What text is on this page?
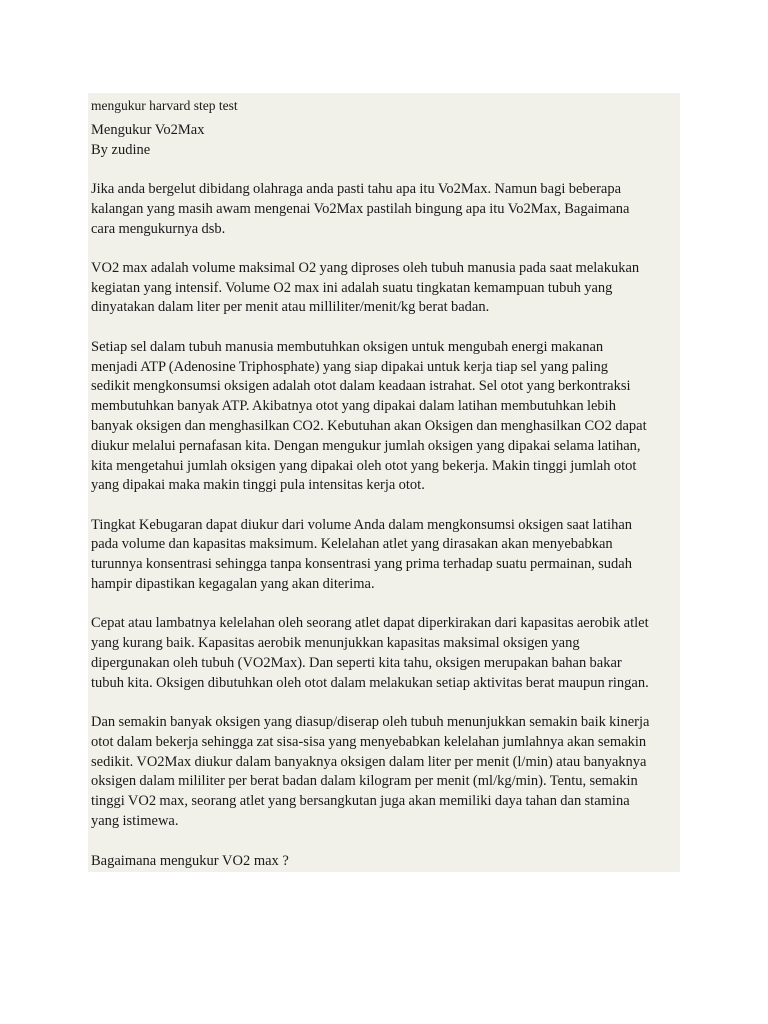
mengukur harvard step test
Mengukur Vo2Max
By zudine
Jika anda bergelut dibidang olahraga anda pasti tahu apa itu Vo2Max. Namun bagi beberapa
kalangan yang masih awam mengenai Vo2Max pastilah bingung apa itu Vo2Max, Bagaimana
cara mengukurnya dsb.
VO2 max adalah volume maksimal O2 yang diproses oleh tubuh manusia pada saat melakukan
kegiatan yang intensif. Volume O2 max ini adalah suatu tingkatan kemampuan tubuh yang
dinyatakan dalam liter per menit atau milliliter/menit/kg berat badan.
Setiap sel dalam tubuh manusia membutuhkan oksigen untuk mengubah energi makanan
menjadi ATP (Adenosine Triphosphate) yang siap dipakai untuk kerja tiap sel yang paling
sedikit mengkonsumsi oksigen adalah otot dalam keadaan istrahat. Sel otot yang berkontraksi
membutuhkan banyak ATP. Akibatnya otot yang dipakai dalam latihan membutuhkan lebih
banyak oksigen dan menghasilkan CO2. Kebutuhan akan Oksigen dan menghasilkan CO2 dapat
diukur melalui pernafasan kita. Dengan mengukur jumlah oksigen yang dipakai selama latihan,
kita mengetahui jumlah oksigen yang dipakai oleh otot yang bekerja. Makin tinggi jumlah otot
yang dipakai maka makin tinggi pula intensitas kerja otot.
Tingkat Kebugaran dapat diukur dari volume Anda dalam mengkonsumsi oksigen saat latihan
pada volume dan kapasitas maksimum. Kelelahan atlet yang dirasakan akan menyebabkan
turunnya konsentrasi sehingga tanpa konsentrasi yang prima terhadap suatu permainan, sudah
hampir dipastikan kegagalan yang akan diterima.
Cepat atau lambatnya kelelahan oleh seorang atlet dapat diperkirakan dari kapasitas aerobik atlet
yang kurang baik. Kapasitas aerobik menunjukkan kapasitas maksimal oksigen yang
dipergunakan oleh tubuh (VO2Max). Dan seperti kita tahu, oksigen merupakan bahan bakar
tubuh kita. Oksigen dibutuhkan oleh otot dalam melakukan setiap aktivitas berat maupun ringan.
Dan semakin banyak oksigen yang diasup/diserap oleh tubuh menunjukkan semakin baik kinerja
otot dalam bekerja sehingga zat sisa-sisa yang menyebabkan kelelahan jumlahnya akan semakin
sedikit. VO2Max diukur dalam banyaknya oksigen dalam liter per menit (l/min) atau banyaknya
oksigen dalam mililiter per berat badan dalam kilogram per menit (ml/kg/min). Tentu, semakin
tinggi VO2 max, seorang atlet yang bersangkutan juga akan memiliki daya tahan dan stamina
yang istimewa.
Bagaimana mengukur VO2 max ?
